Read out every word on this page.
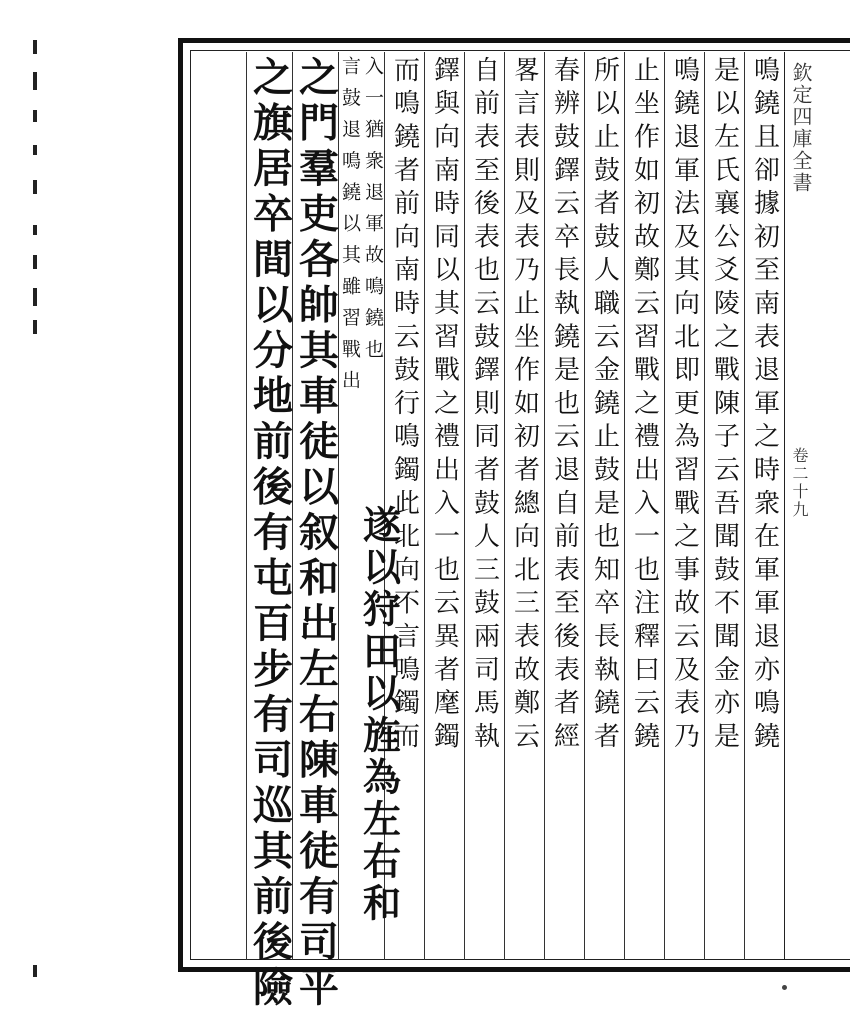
欽定四庫全書
卷二十九
鳴鐃且卻據初至南表退軍之時衆在軍軍退亦鳴鐃
是以左氏襄公爻陵之戰陳子云吾聞鼓不聞金亦是
鳴鐃退軍法及其向北即更為習戰之事故云及表乃
止坐作如初故鄭云習戰之禮出入一也注釋曰云鐃
所以止鼓者鼓人職云金鐃止鼓是也知卒長執鐃者
春辨鼓鐸云卒長執鐃是也云退自前表至後表者經
畧言表則及表乃止坐作如初者總向北三表故鄭云
自前表至後表也云鼓鐸則同者鼓人三鼓兩司馬執
鐸與向南時同以其習戰之禮出入一也云異者麾鐲
而鳴鐃者前向南時云鼓行鳴鐲此北向不言鳴鐲而
言鼓退鳴鐃以其雖習戰出 入一猶衆退軍故鳴鐃也
之門羣吏各帥其車徒以叙和出左右陳車徒有司平
之旗居卒間以分地前後有屯百步有司巡其前後險 遂以狩田以旌為左右和
